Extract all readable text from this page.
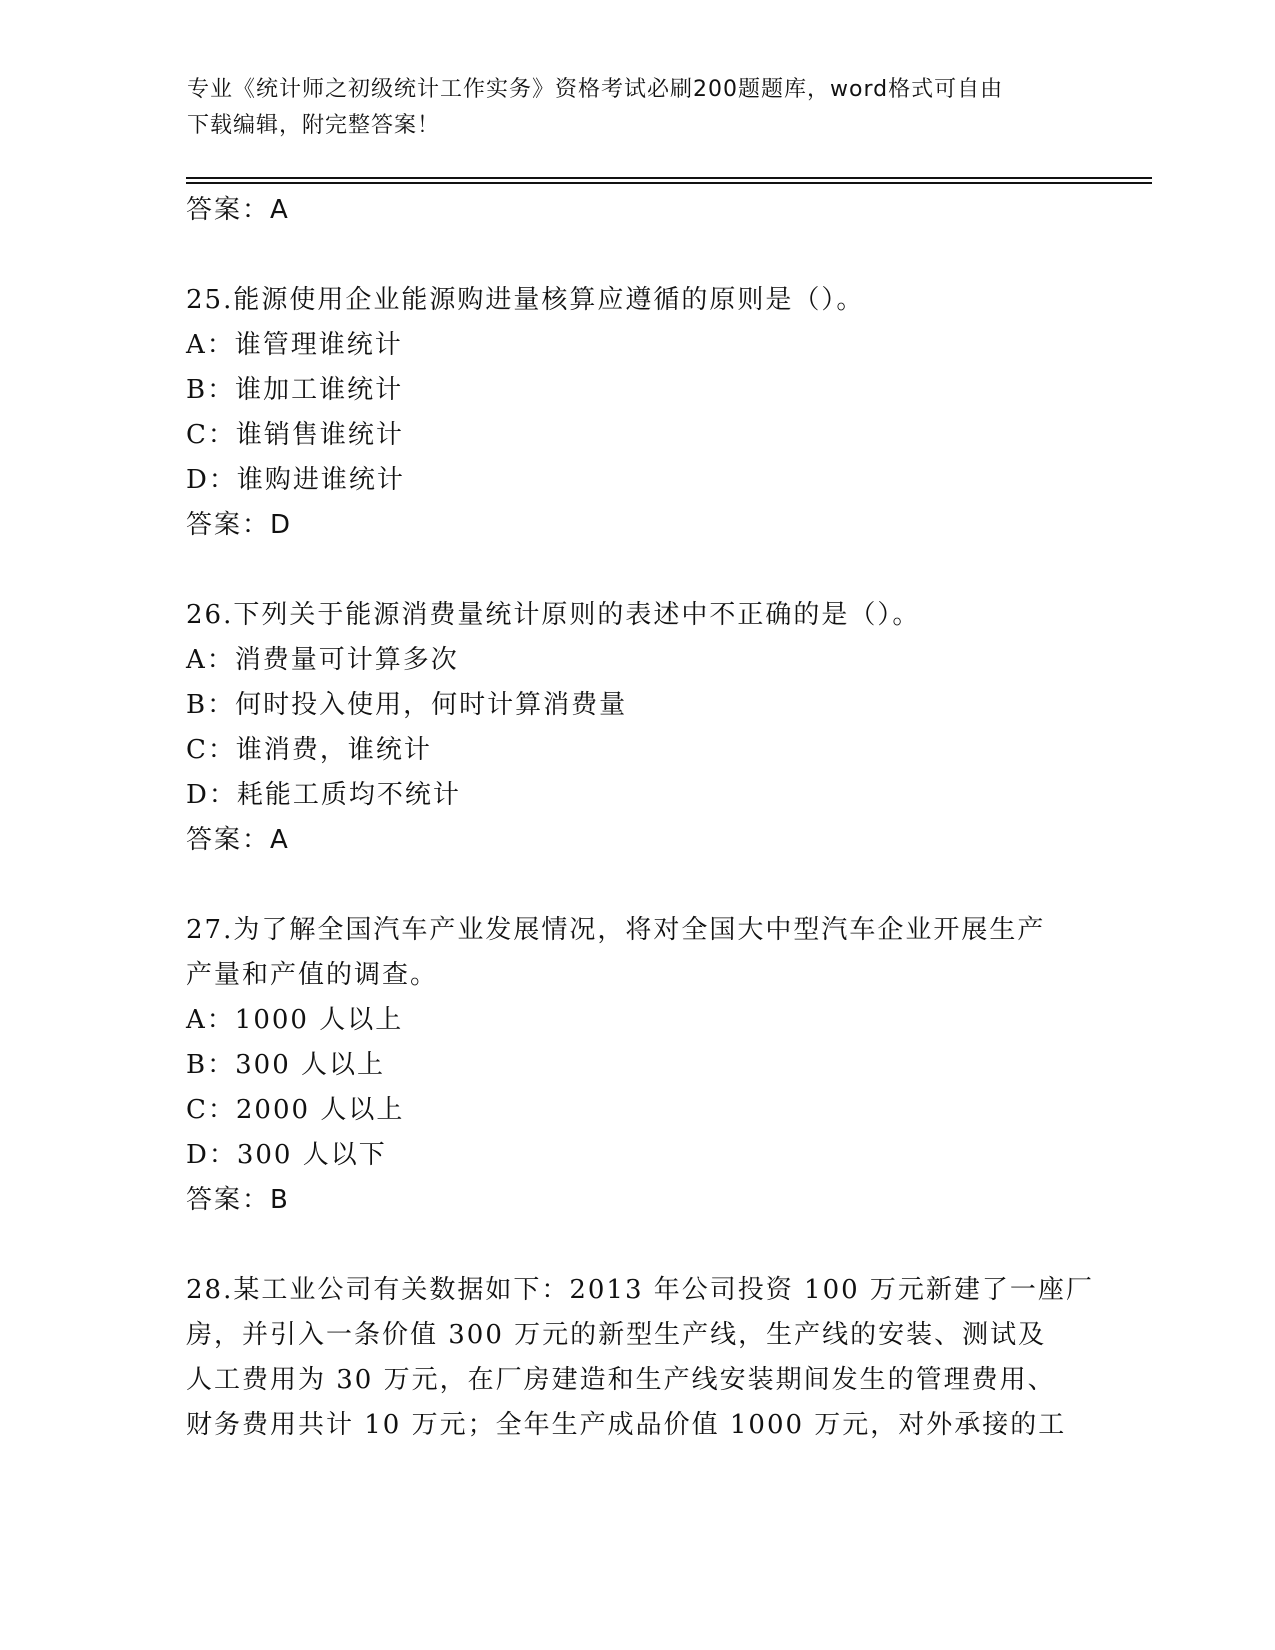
专业《统计师之初级统计工作实务》资格考试必刷200题题库，word格式可自由
下载编辑，附完整答案！
答案：A
25.能源使用企业能源购进量核算应遵循的原则是（）。
A：谁管理谁统计
B：谁加工谁统计
C：谁销售谁统计
D：谁购进谁统计
答案：D
26.下列关于能源消费量统计原则的表述中不正确的是（）。
A：消费量可计算多次
B：何时投入使用，何时计算消费量
C：谁消费，谁统计
D：耗能工质均不统计
答案：A
27.为了解全国汽车产业发展情况，将对全国大中型汽车企业开展生产
产量和产值的调查。
A：1000 人以上
B：300 人以上
C：2000 人以上
D：300 人以下
答案：B
28.某工业公司有关数据如下：2013 年公司投资 100 万元新建了一座厂
房，并引入一条价值 300 万元的新型生产线，生产线的安装、测试及
人工费用为 30 万元，在厂房建造和生产线安装期间发生的管理费用、
财务费用共计 10 万元；全年生产成品价值 1000 万元，对外承接的工
